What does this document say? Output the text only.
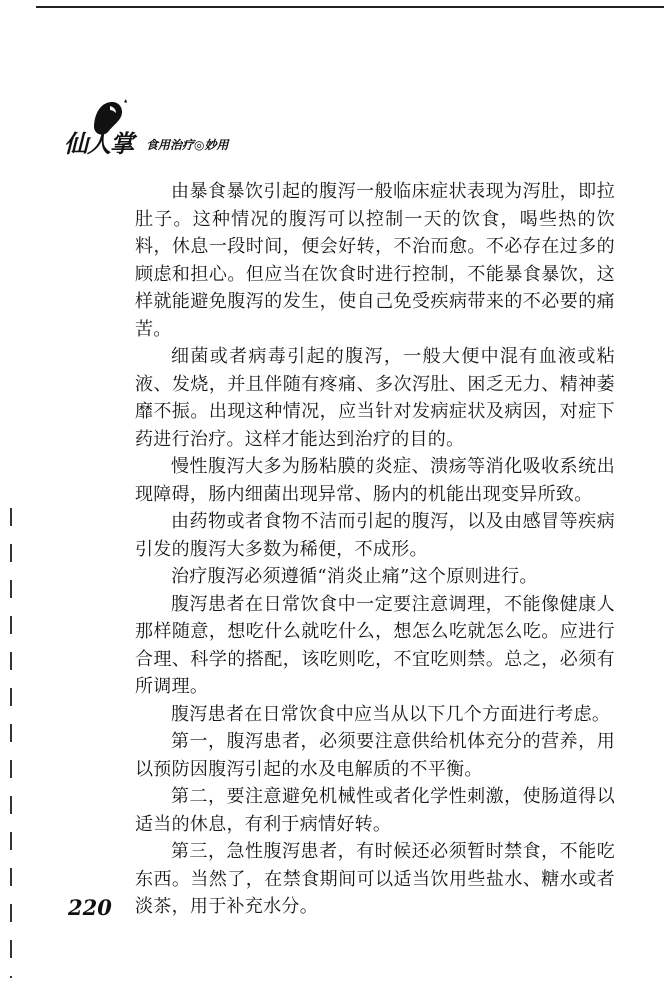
仙人掌 食用治疗◎妙用

由暴食暴饮引起的腹泻一般临床症状表现为泻肚，即拉肚子。这种情况的腹泻可以控制一天的饮食，喝些热的饮料，休息一段时间，便会好转，不治而愈。不必存在过多的顾虑和担心。但应当在饮食时进行控制，不能暴食暴饮，这样就能避免腹泻的发生，使自己免受疾病带来的不必要的痛苦。

细菌或者病毒引起的腹泻，一般大便中混有血液或粘液、发烧，并且伴随有疼痛、多次泻肚、困乏无力、精神萎靡不振。出现这种情况，应当针对发病症状及病因，对症下药进行治疗。这样才能达到治疗的目的。

慢性腹泻大多为肠粘膜的炎症、溃疡等消化吸收系统出现障碍，肠内细菌出现异常、肠内的机能出现变异所致。

由药物或者食物不洁而引起的腹泻，以及由感冒等疾病引发的腹泻大多数为稀便，不成形。

治疗腹泻必须遵循“消炎止痛”这个原则进行。

腹泻患者在日常饮食中一定要注意调理，不能像健康人那样随意，想吃什么就吃什么，想怎么吃就怎么吃。应进行合理、科学的搭配，该吃则吃，不宜吃则禁。总之，必须有所调理。

腹泻患者在日常饮食中应当从以下几个方面进行考虑。

第一，腹泻患者，必须要注意供给机体充分的营养，用以预防因腹泻引起的水及电解质的不平衡。

第二，要注意避免机械性或者化学性刺激，使肠道得以适当的休息，有利于病情好转。

第三，急性腹泻患者，有时候还必须暂时禁食，不能吃东西。当然了，在禁食期间可以适当饮用些盐水、糖水或者淡茶，用于补充水分。

220
